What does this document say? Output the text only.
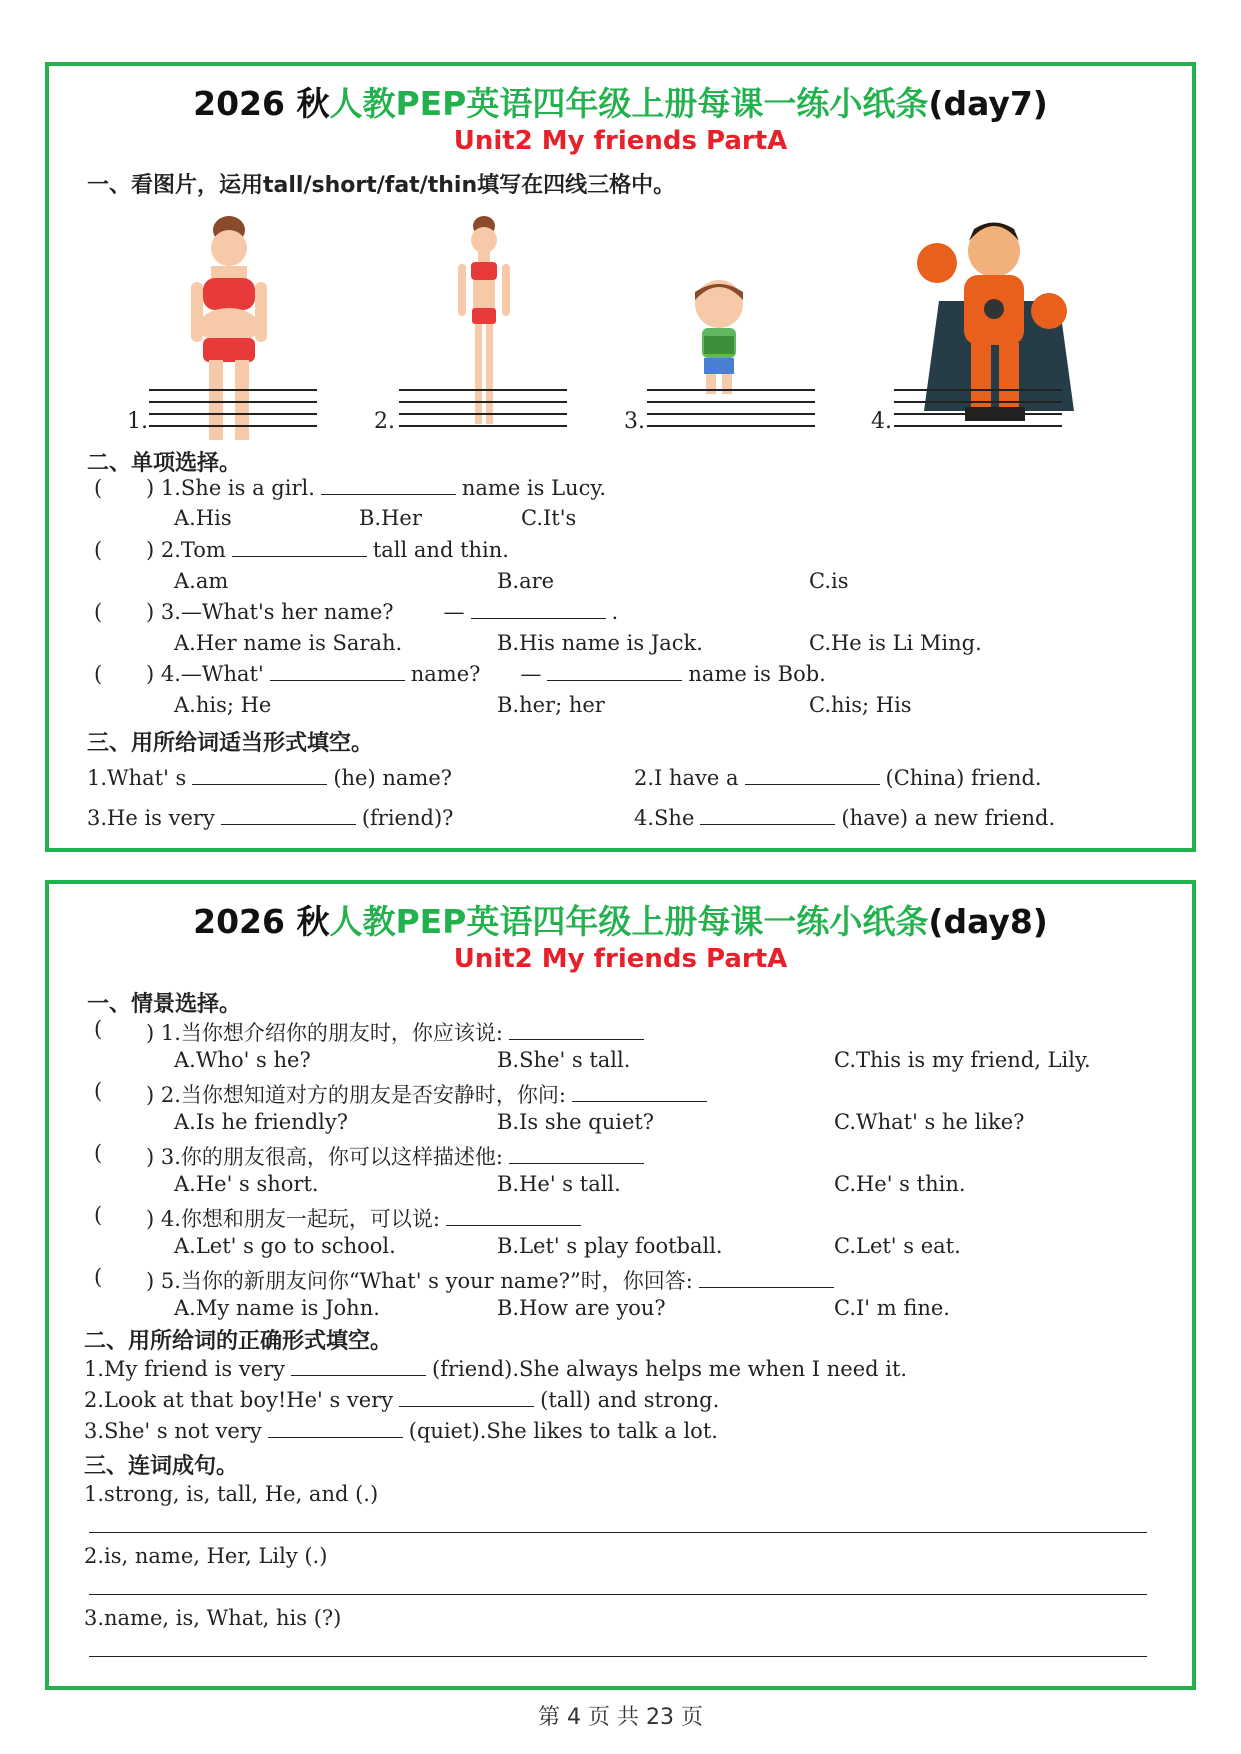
2026 秋人教PEP英语四年级上册每课一练小纸条(day7)
Unit2 My friends PartA
一、看图片，运用tall/short/fat/thin填写在四线三格中。
1.	2.	3.	4.
二、单项选择。
( ) 1.She is a girl.	name is Lucy.
A.His	B.Her	C.It's
( ) 2.Tom	tall and thin.
A.am	B.are	C.is
( ) 3.—What's her name? —	.
A.Her name is Sarah.	B.His name is Jack.	C.He is Li Ming.
( ) 4.—What'	name? —	name is Bob.
A.his; He	B.her; her	C.his; His
三、用所给词适当形式填空。
1.What' s	(he) name?	2.I have a	(China) friend.
3.He is very	(friend)?	4.She	(have) a new friend.
2026 秋人教PEP英语四年级上册每课一练小纸条(day8)
Unit2 My friends PartA
一、情景选择。
( ) 1.当你想介绍你的朋友时，你应该说:
A.Who' s he?	B.She' s tall.	C.This is my friend, Lily.
( ) 2.当你想知道对方的朋友是否安静时，你问:
A.Is he friendly?	B.Is she quiet?	C.What' s he like?
( ) 3.你的朋友很高，你可以这样描述他:
A.He' s short.	B.He' s tall.	C.He' s thin.
( ) 4.你想和朋友一起玩，可以说:
A.Let' s go to school.	B.Let' s play football.	C.Let' s eat.
( ) 5.当你的新朋友问你“What' s your name?”时，你回答:
A.My name is John.	B.How are you?	C.I' m fine.
二、用所给词的正确形式填空。
1.My friend is very	(friend).She always helps me when I need it.
2.Look at that boy!He' s very	(tall) and strong.
3.She' s not very	(quiet).She likes to talk a lot.
三、连词成句。
1.strong, is, tall, He, and (.)
2.is, name, Her, Lily (.)
3.name, is, What, his (?)
第 4 页 共 23 页
